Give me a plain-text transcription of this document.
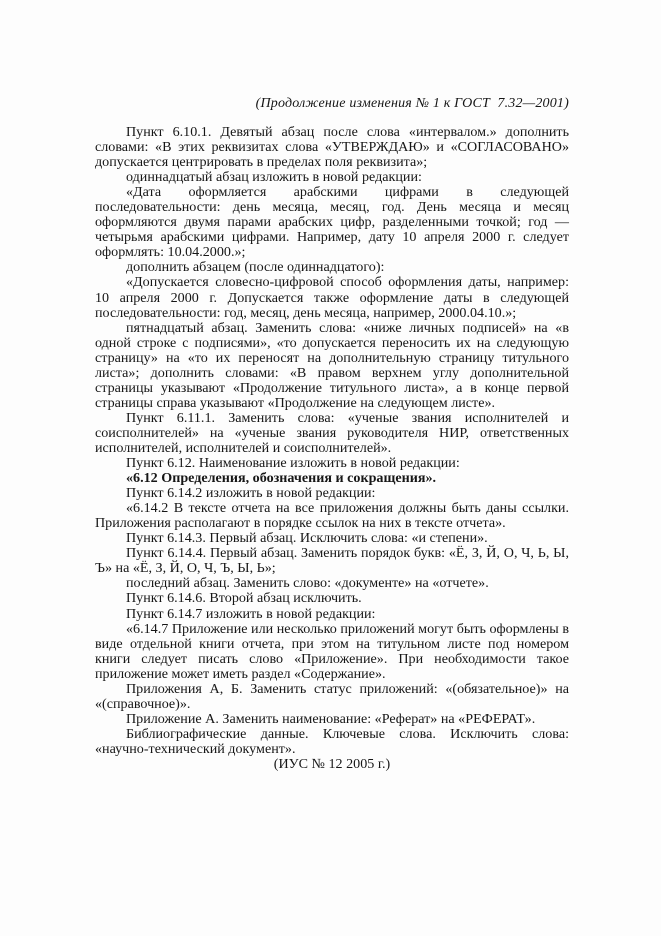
(Продолжение изменения № 1 к ГОСТ  7.32—2001)

Пункт 6.10.1. Девятый абзац после слова «интервалом.» дополнить словами: «В этих реквизитах слова «УТВЕРЖДАЮ» и «СОГЛАСОВАНО» допускается центрировать в пределах поля реквизита»;

одиннадцатый абзац изложить в новой редакции:

«Дата оформляется арабскими цифрами в следующей последовательности: день месяца, месяц, год. День месяца и месяц оформляются двумя парами арабских цифр, разделенными точкой; год — четырьмя арабскими цифрами. Например, дату 10 апреля 2000 г. следует оформлять: 10.04.2000.»;

дополнить абзацем (после одиннадцатого):

«Допускается словесно-цифровой способ оформления даты, например: 10 апреля 2000 г. Допускается также оформление даты в следующей последовательности: год, месяц, день месяца, например, 2000.04.10.»;

пятнадцатый абзац. Заменить слова: «ниже личных подписей» на «в одной строке с подписями», «то допускается переносить их на следующую страницу» на «то их переносят на дополнительную страницу титульного листа»; дополнить словами: «В правом верхнем углу дополнительной страницы указывают «Продолжение титульного листа», а в конце первой страницы справа указывают «Продолжение на следующем листе».

Пункт 6.11.1. Заменить слова: «ученые звания исполнителей и соисполнителей» на «ученые звания руководителя НИР, ответственных исполнителей, исполнителей и соисполнителей».

Пункт 6.12. Наименование изложить в новой редакции:

«6.12 Определения, обозначения и сокращения».

Пункт 6.14.2 изложить в новой редакции:

«6.14.2 В тексте отчета на все приложения должны быть даны ссылки. Приложения располагают в порядке ссылок на них в тексте отчета».

Пункт 6.14.3. Первый абзац. Исключить слова: «и степени».

Пункт 6.14.4. Первый абзац. Заменить порядок букв: «Ё, З, Й, О, Ч, Ь, Ы, Ъ» на «Ё, З, Й, О, Ч, Ъ, Ы, Ь»;

последний абзац. Заменить слово: «документе» на «отчете».

Пункт 6.14.6. Второй абзац исключить.

Пункт 6.14.7 изложить в новой редакции:

«6.14.7 Приложение или несколько приложений могут быть оформлены в виде отдельной книги отчета, при этом на титульном листе под номером книги следует писать слово «Приложение». При необходимости такое приложение может иметь раздел «Содержание».

Приложения А, Б. Заменить статус приложений: «(обязательное)» на «(справочное)».

Приложение А. Заменить наименование: «Реферат» на «РЕФЕРАТ».

Библиографические данные. Ключевые слова. Исключить слова: «научно-технический документ».

(ИУС № 12 2005 г.)
